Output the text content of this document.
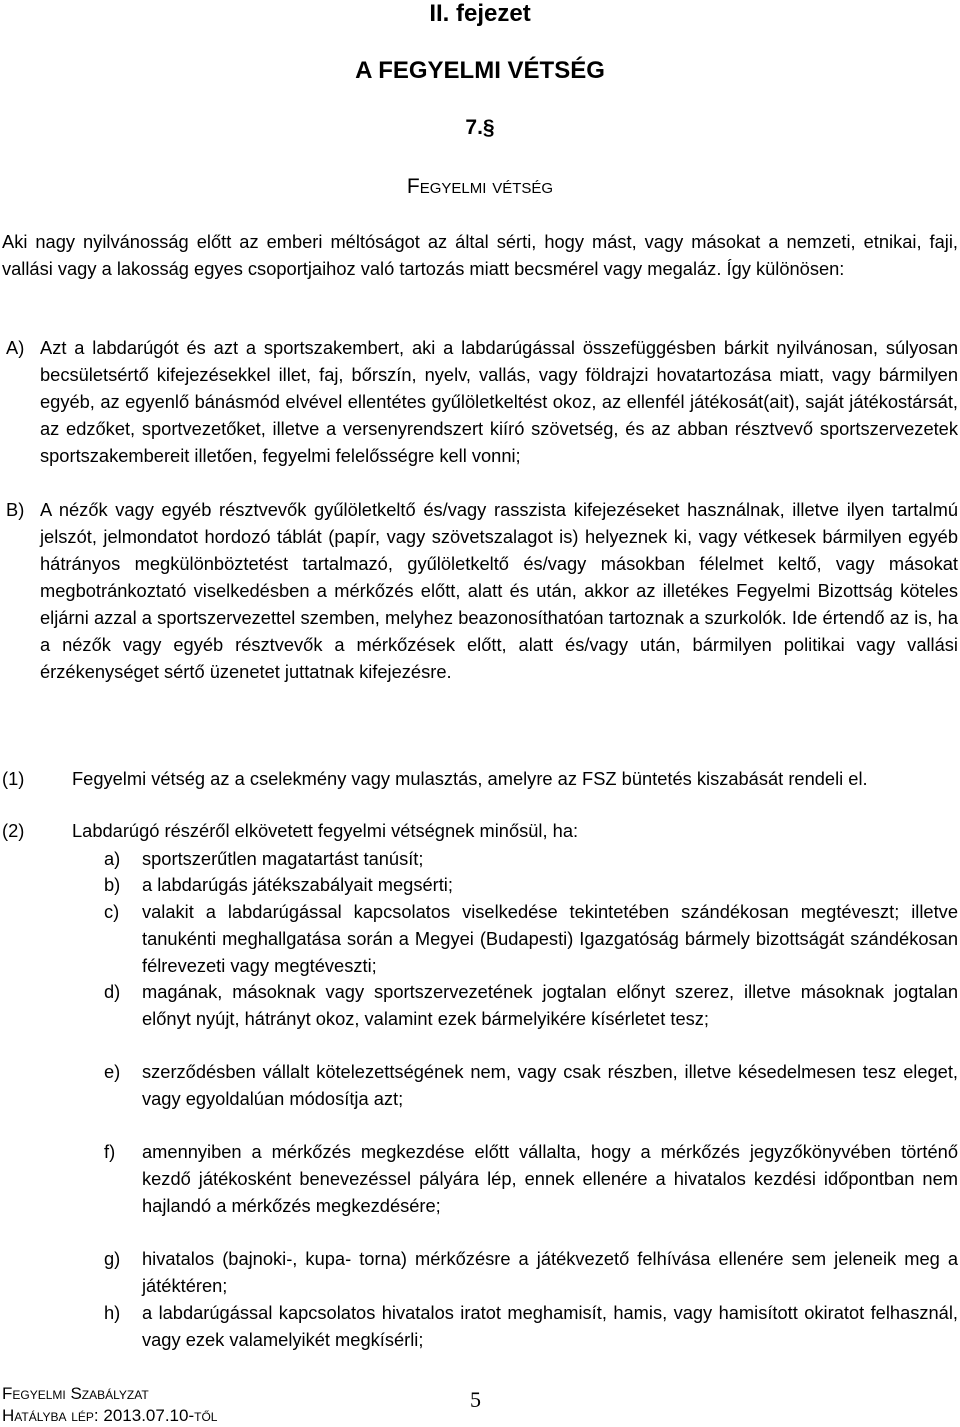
II. fejezet
A FEGYELMI VÉTSÉG
7.§
Fegyelmi vétség
Aki nagy nyilvánosság előtt az emberi méltóságot az által sérti, hogy mást, vagy másokat a nemzeti, etnikai, faji, vallási vagy a lakosság egyes csoportjaihoz való tartozás miatt becsmérel vagy megaláz. Így különösen:
A) Azt a labdarúgót és azt a sportszakembert, aki a labdarúgással összefüggésben bárkit nyilvánosan, súlyosan becsületsértő kifejezésekkel illet, faj, bőrszín, nyelv, vallás, vagy földrajzi hovatartozása miatt, vagy bármilyen egyéb, az egyenlő bánásmód elvével ellentétes gyűlöletkeltést okoz, az ellenfél játékosát(ait), saját játékostársát, az edzőket, sportvezetőket, illetve a versenyrendszert kiíró szövetség, és az abban résztvevő sportszervezetek sportszakembereit illetően, fegyelmi felelősségre kell vonni;
B) A nézők vagy egyéb résztvevők gyűlöletkeltő és/vagy rasszista kifejezéseket használnak, illetve ilyen tartalmú jelszót, jelmondatot hordozó táblát (papír, vagy szövetszalagot is) helyeznek ki, vagy vétkesek bármilyen egyéb hátrányos megkülönböztetést tartalmazó, gyűlöletkeltő és/vagy másokban félelmet keltő, vagy másokat megbotránkoztató viselkedésben a mérkőzés előtt, alatt és után, akkor az illetékes Fegyelmi Bizottság köteles eljárni azzal a sportszervezettel szemben, melyhez beazonosíthatóan tartoznak a szurkolók. Ide értendő az is, ha a nézők vagy egyéb résztvevők a mérkőzések előtt, alatt és/vagy után, bármilyen politikai vagy vallási érzékenységet sértő üzenetet juttatnak kifejezésre.
(1)	Fegyelmi vétség az a cselekmény vagy mulasztás, amelyre az FSZ büntetés kiszabását rendeli el.
(2)	Labdarúgó részéről elkövetett fegyelmi vétségnek minősül, ha:
a) sportszerűtlen magatartást tanúsít;
b) a labdarúgás játékszabályait megsérti;
c) valakit a labdarúgással kapcsolatos viselkedése tekintetében szándékosan megtéveszt; illetve tanukénti meghallgatása során a Megyei (Budapesti) Igazgatóság bármely bizottságát szándékosan félrevezeti vagy megtéveszti;
d) magának, másoknak vagy sportszervezetének jogtalan előnyt szerez, illetve másoknak jogtalan előnyt nyújt, hátrányt okoz, valamint ezek bármelyikére kísérletet tesz;
e) szerződésben vállalt kötelezettségének nem, vagy csak részben, illetve késedelmesen tesz eleget, vagy egyoldalúan módosítja azt;
f) amennyiben a mérkőzés megkezdése előtt vállalta, hogy a mérkőzés jegyzőkönyvében történő kezdő játékosként benevezéssel pályára lép, ennek ellenére a hivatalos kezdési időpontban nem hajlandó a mérkőzés megkezdésére;
g) hivatalos (bajnoki-, kupa- torna) mérkőzésre a játékvezető felhívása ellenére sem jeleneik meg a játéktéren;
h) a labdarúgással kapcsolatos hivatalos iratot meghamisít, hamis, vagy hamisított okiratot felhasznál, vagy ezek valamelyikét megkísérli;
Fegyelmi Szabályzat
Hatályba lép: 2013.07.10-től
5
